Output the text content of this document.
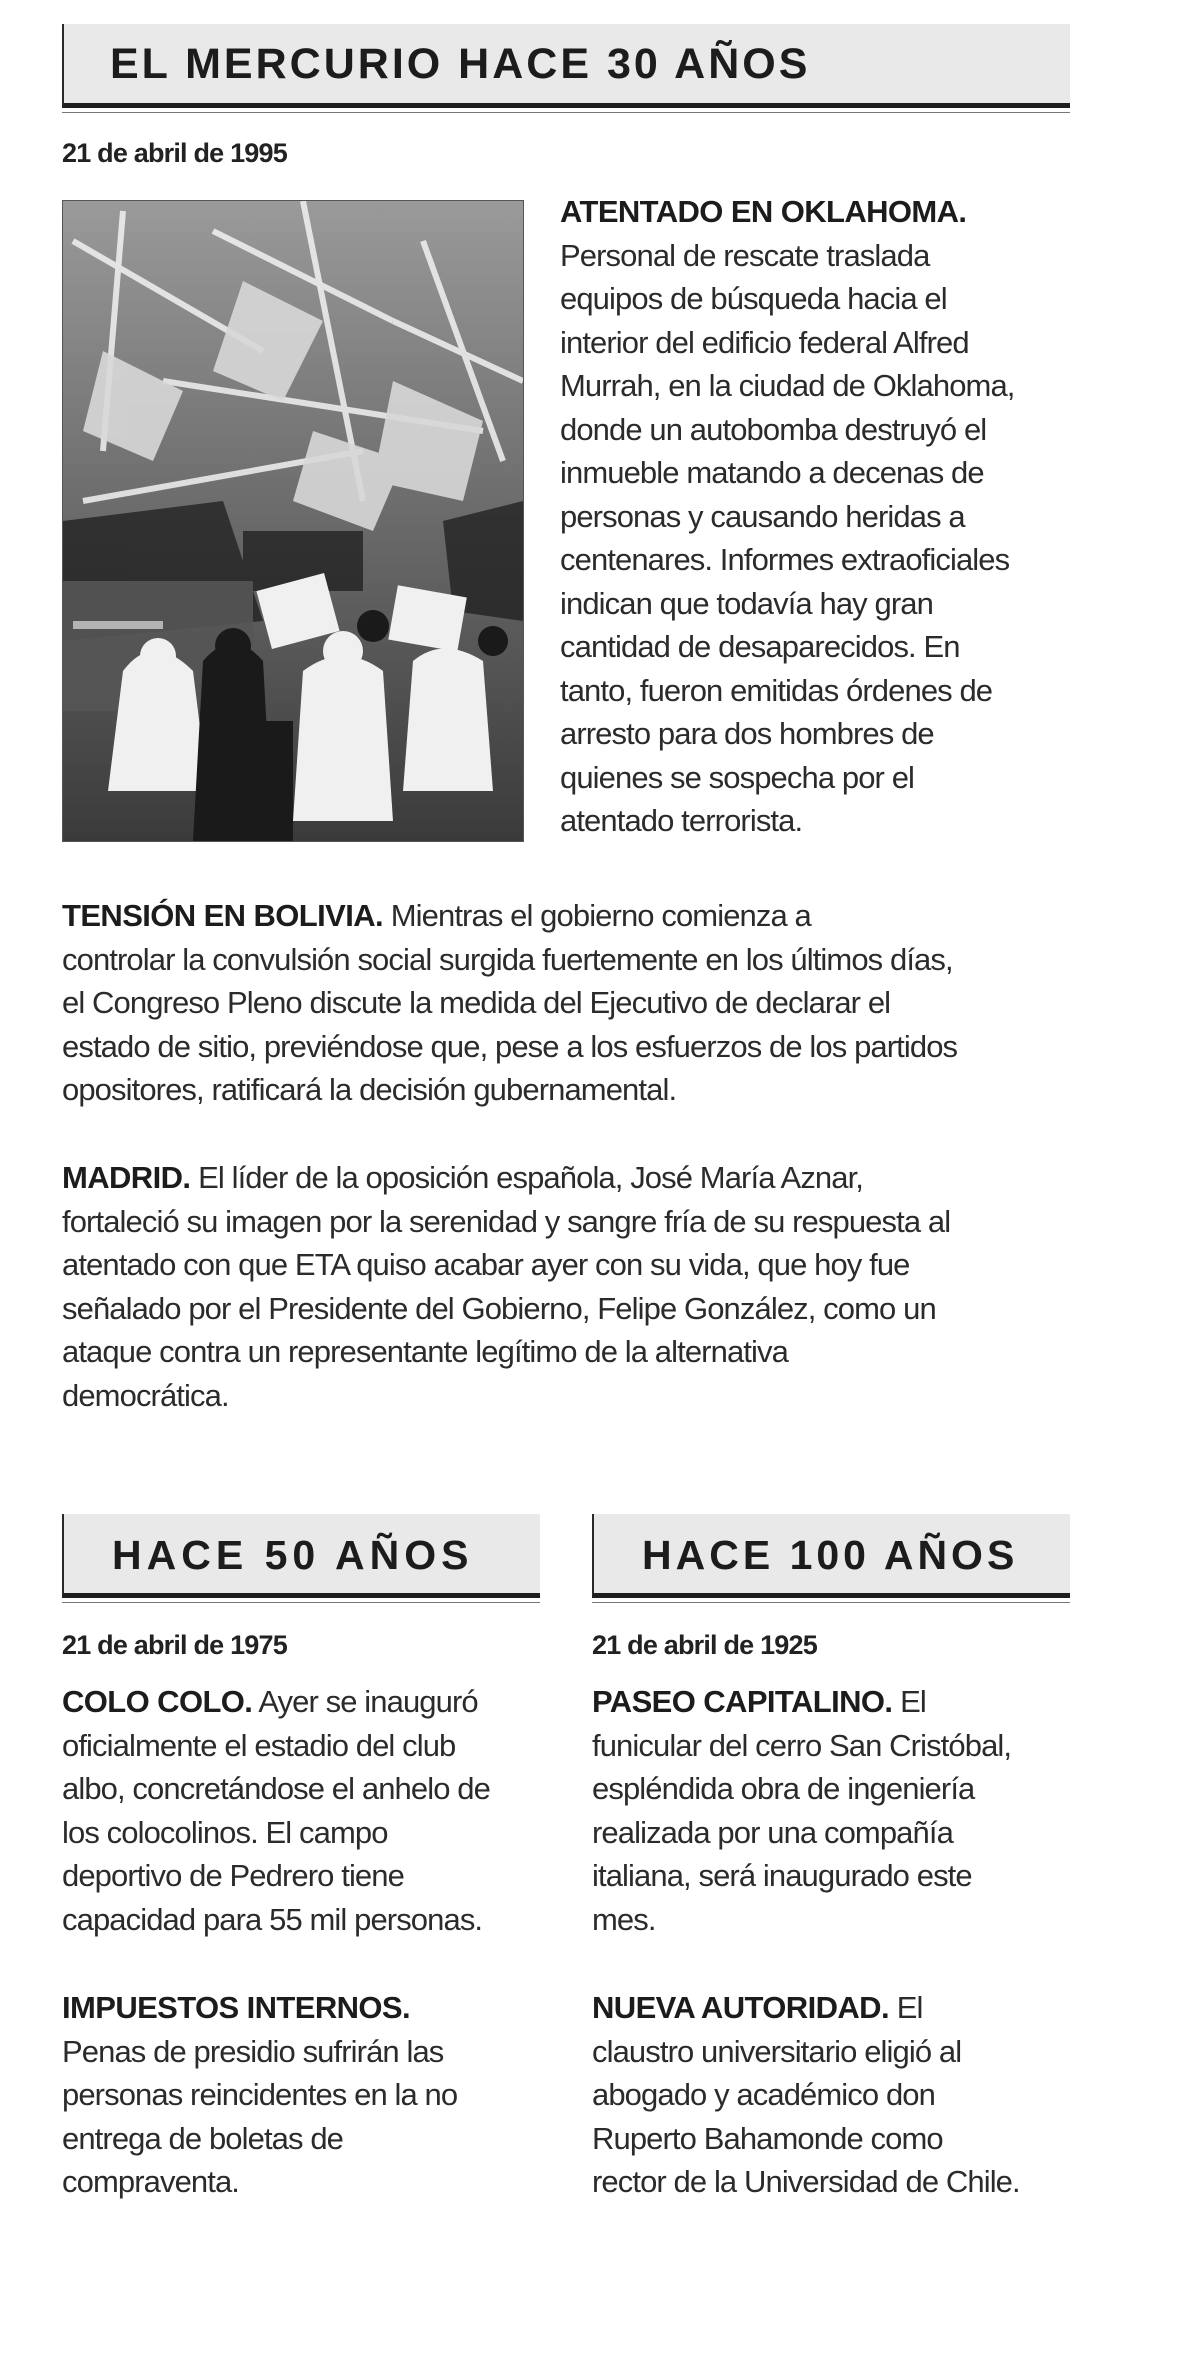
EL MERCURIO HACE 30 AÑOS
21 de abril de 1995

ATENTADO EN OKLAHOMA.
Personal de rescate traslada
equipos de búsqueda hacia el
interior del edificio federal Alfred
Murrah, en la ciudad de Oklahoma,
donde un autobomba destruyó el
inmueble matando a decenas de
personas y causando heridas a
centenares. Informes extraoficiales
indican que todavía hay gran
cantidad de desaparecidos. En
tanto, fueron emitidas órdenes de
arresto para dos hombres de
quienes se sospecha por el
atentado terrorista.

TENSIÓN EN BOLIVIA. Mientras el gobierno comienza a
controlar la convulsión social surgida fuertemente en los últimos días,
el Congreso Pleno discute la medida del Ejecutivo de declarar el
estado de sitio, previéndose que, pese a los esfuerzos de los partidos
opositores, ratificará la decisión gubernamental.

MADRID. El líder de la oposición española, José María Aznar,
fortaleció su imagen por la serenidad y sangre fría de su respuesta al
atentado con que ETA quiso acabar ayer con su vida, que hoy fue
señalado por el Presidente del Gobierno, Felipe González, como un
ataque contra un representante legítimo de la alternativa
democrática.

HACE 50 AÑOS
21 de abril de 1975

COLO COLO. Ayer se inauguró
oficialmente el estadio del club
albo, concretándose el anhelo de
los colocolinos. El campo
deportivo de Pedrero tiene
capacidad para 55 mil personas.

IMPUESTOS INTERNOS.
Penas de presidio sufrirán las
personas reincidentes en la no
entrega de boletas de
compraventa.

HACE 100 AÑOS
21 de abril de 1925

PASEO CAPITALINO. El
funicular del cerro San Cristóbal,
espléndida obra de ingeniería
realizada por una compañía
italiana, será inaugurado este
mes.

NUEVA AUTORIDAD. El
claustro universitario eligió al
abogado y académico don
Ruperto Bahamonde como
rector de la Universidad de Chile.
